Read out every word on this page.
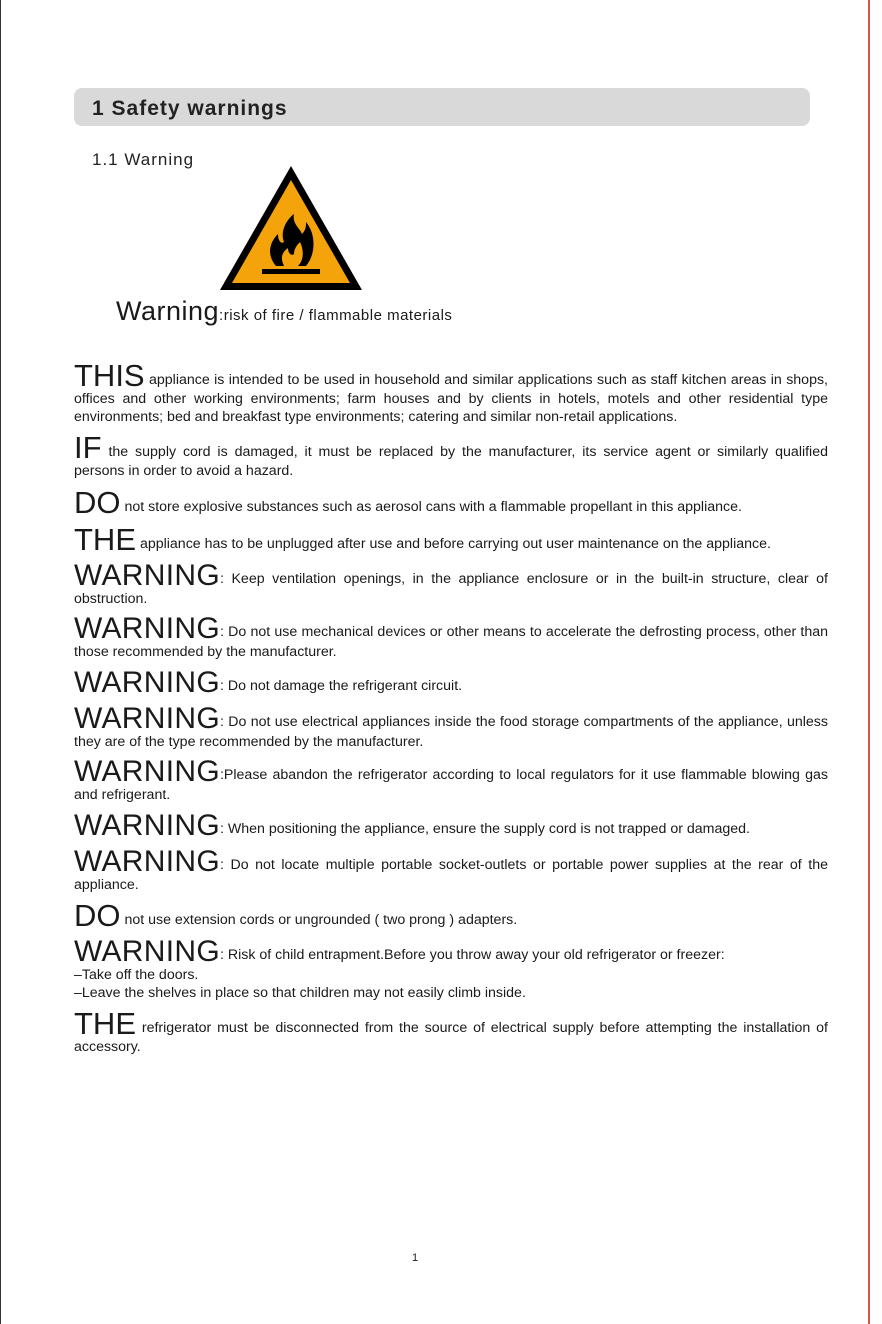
1 Safety warnings
1.1 Warning
Warning:risk of fire / flammable materials

THIS appliance is intended to be used in household and similar applications such as staff kitchen areas in shops, offices and other working environments; farm houses and by clients in hotels, motels and other residential type environments; bed and breakfast type environments; catering and similar non-retail applications.

IF the supply cord is damaged, it must be replaced by the manufacturer, its service agent or similarly qualified persons in order to avoid a hazard.

DO not store explosive substances such as aerosol cans with a flammable propellant in this appliance.

THE appliance has to be unplugged after use and before carrying out user maintenance on the appliance.

WARNING: Keep ventilation openings, in the appliance enclosure or in the built-in structure, clear of obstruction.

WARNING: Do not use mechanical devices or other means to accelerate the defrosting process, other than those recommended by the manufacturer.

WARNING: Do not damage the refrigerant circuit.

WARNING: Do not use electrical appliances inside the food storage compartments of the appliance, unless they are of the type recommended by the manufacturer.

WARNING:Please abandon the refrigerator according to local regulators for it use flammable blowing gas and refrigerant.

WARNING: When positioning the appliance, ensure the supply cord is not trapped or damaged.

WARNING: Do not locate multiple portable socket-outlets or portable power supplies at the rear of the appliance.

DO not use extension cords or ungrounded ( two prong ) adapters.

WARNING: Risk of child entrapment.Before you throw away your old refrigerator or freezer:

–Take off the doors.

–Leave the shelves in place so that children may not easily climb inside.

THE refrigerator must be disconnected from the source of electrical supply before attempting the installation of accessory.

1
